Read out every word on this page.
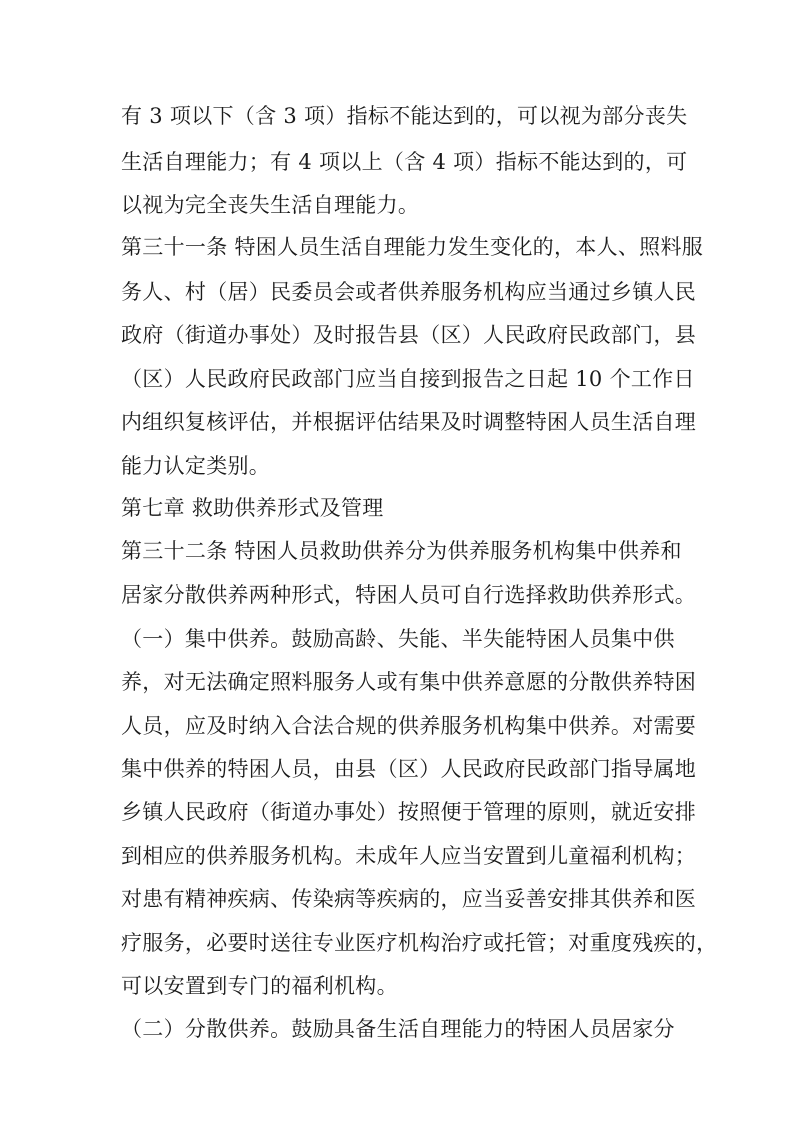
有 3 项以下（含 3 项）指标不能达到的，可以视为部分丧失
生活自理能力；有 4 项以上（含 4 项）指标不能达到的，可
以视为完全丧失生活自理能力。
第三十一条 特困人员生活自理能力发生变化的，本人、照料服
务人、村（居）民委员会或者供养服务机构应当通过乡镇人民
政府（街道办事处）及时报告县（区）人民政府民政部门，县
（区）人民政府民政部门应当自接到报告之日起 10 个工作日
内组织复核评估，并根据评估结果及时调整特困人员生活自理
能力认定类别。
第七章 救助供养形式及管理
第三十二条 特困人员救助供养分为供养服务机构集中供养和
居家分散供养两种形式，特困人员可自行选择救助供养形式。
（一）集中供养。鼓励高龄、失能、半失能特困人员集中供
养，对无法确定照料服务人或有集中供养意愿的分散供养特困
人员，应及时纳入合法合规的供养服务机构集中供养。对需要
集中供养的特困人员，由县（区）人民政府民政部门指导属地
乡镇人民政府（街道办事处）按照便于管理的原则，就近安排
到相应的供养服务机构。未成年人应当安置到儿童福利机构；
对患有精神疾病、传染病等疾病的，应当妥善安排其供养和医
疗服务，必要时送往专业医疗机构治疗或托管；对重度残疾的，
可以安置到专门的福利机构。
（二）分散供养。鼓励具备生活自理能力的特困人员居家分
